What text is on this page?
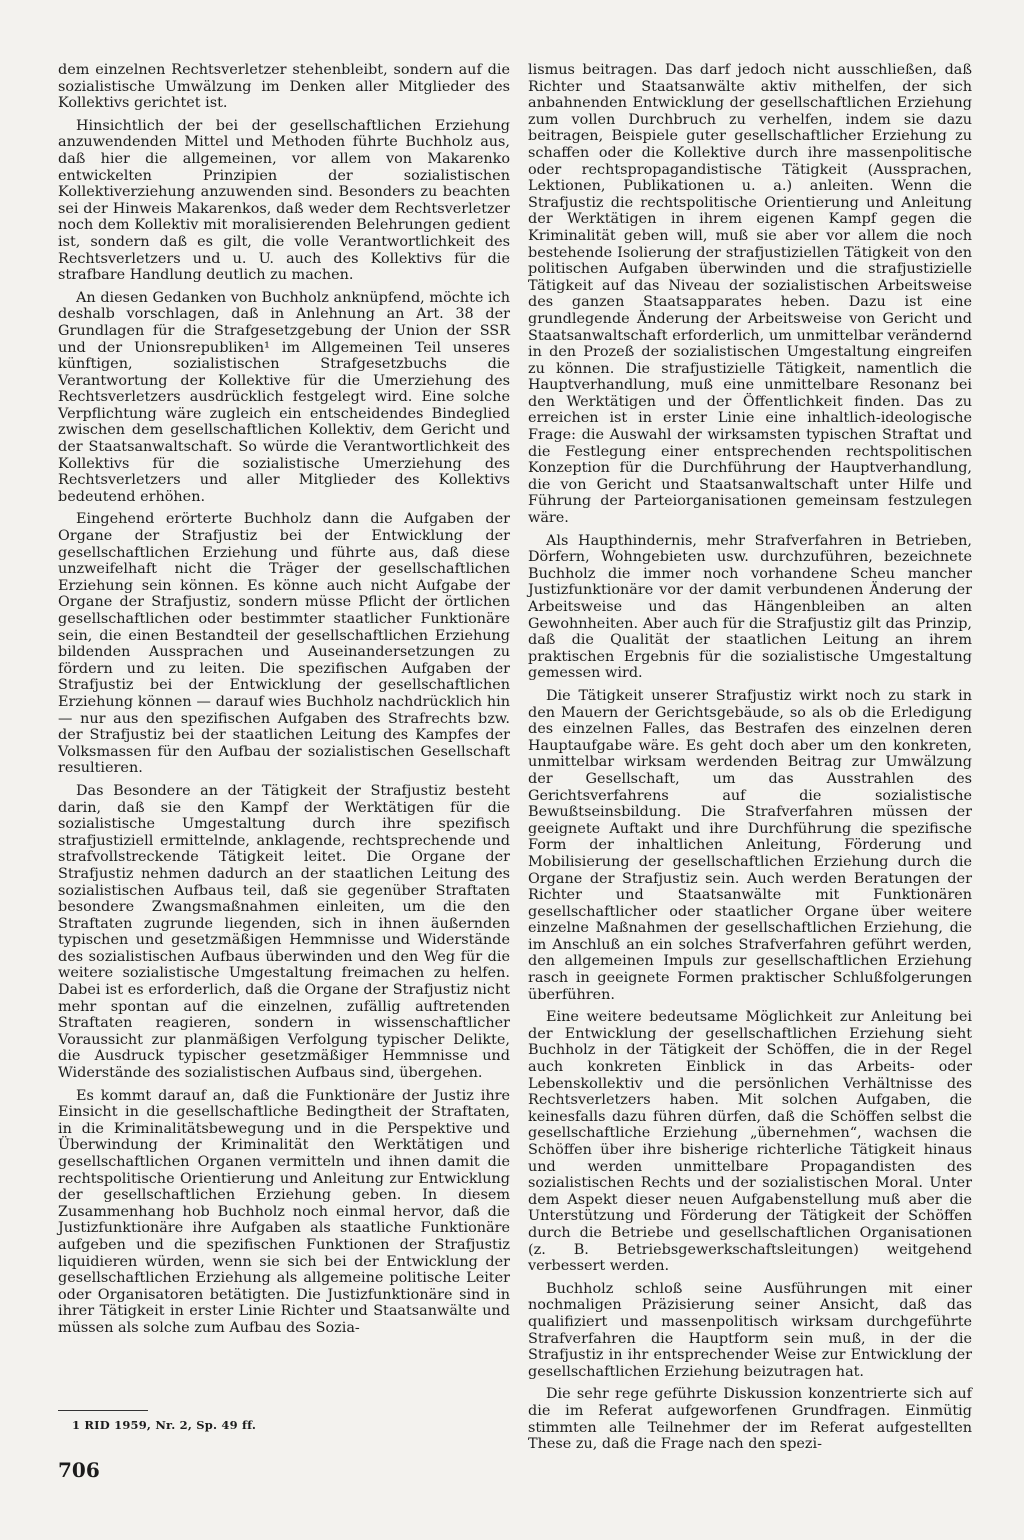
dem einzelnen Rechtsverletzer stehenbleibt, sondern auf die sozialistische Umwälzung im Denken aller Mitglieder des Kollektivs gerichtet ist.

Hinsichtlich der bei der gesellschaftlichen Erziehung anzuwendenden Mittel und Methoden führte Buchholz aus, daß hier die allgemeinen, vor allem von Makarenko entwickelten Prinzipien der sozialistischen Kollektiverziehung anzuwenden sind. Besonders zu beachten sei der Hinweis Makarenkos, daß weder dem Rechtsverletzer noch dem Kollektiv mit moralisierenden Belehrungen gedient ist, sondern daß es gilt, die volle Verantwortlichkeit des Rechtsverletzers und u. U. auch des Kollektivs für die strafbare Handlung deutlich zu machen.

An diesen Gedanken von Buchholz anknüpfend, möchte ich deshalb vorschlagen, daß in Anlehnung an Art. 38 der Grundlagen für die Strafgesetzgebung der Union der SSR und der Unionsrepubliken¹ im Allgemeinen Teil unseres künftigen, sozialistischen Strafgesetzbuchs die Verantwortung der Kollektive für die Umerziehung des Rechtsverletzers ausdrücklich festgelegt wird. Eine solche Verpflichtung wäre zugleich ein entscheidendes Bindeglied zwischen dem gesellschaftlichen Kollektiv, dem Gericht und der Staatsanwaltschaft. So würde die Verantwortlichkeit des Kollektivs für die sozialistische Umerziehung des Rechtsverletzers und aller Mitglieder des Kollektivs bedeutend erhöhen.

Eingehend erörterte Buchholz dann die Aufgaben der Organe der Strafjustiz bei der Entwicklung der gesellschaftlichen Erziehung und führte aus, daß diese unzweifelhaft nicht die Träger der gesellschaftlichen Erziehung sein können. Es könne auch nicht Aufgabe der Organe der Strafjustiz, sondern müsse Pflicht der örtlichen gesellschaftlichen oder bestimmter staatlicher Funktionäre sein, die einen Bestandteil der gesellschaftlichen Erziehung bildenden Aussprachen und Auseinandersetzungen zu fördern und zu leiten. Die spezifischen Aufgaben der Strafjustiz bei der Entwicklung der gesellschaftlichen Erziehung können — darauf wies Buchholz nachdrücklich hin — nur aus den spezifischen Aufgaben des Strafrechts bzw. der Strafjustiz bei der staatlichen Leitung des Kampfes der Volksmassen für den Aufbau der sozialistischen Gesellschaft resultieren.

Das Besondere an der Tätigkeit der Strafjustiz besteht darin, daß sie den Kampf der Werktätigen für die sozialistische Umgestaltung durch ihre spezifisch strafjustiziell ermittelnde, anklagende, rechtsprechende und strafvollstreckende Tätigkeit leitet. Die Organe der Strafjustiz nehmen dadurch an der staatlichen Leitung des sozialistischen Aufbaus teil, daß sie gegenüber Straftaten besondere Zwangsmaßnahmen einleiten, um die den Straftaten zugrunde liegenden, sich in ihnen äußernden typischen und gesetzmäßigen Hemmnisse und Widerstände des sozialistischen Aufbaus überwinden und den Weg für die weitere sozialistische Umgestaltung freimachen zu helfen. Dabei ist es erforderlich, daß die Organe der Strafjustiz nicht mehr spontan auf die einzelnen, zufällig auftretenden Straftaten reagieren, sondern in wissenschaftlicher Voraussicht zur planmäßigen Verfolgung typischer Delikte, die Ausdruck typischer gesetzmäßiger Hemmnisse und Widerstände des sozialistischen Aufbaus sind, übergehen.

Es kommt darauf an, daß die Funktionäre der Justiz ihre Einsicht in die gesellschaftliche Bedingtheit der Straftaten, in die Kriminalitätsbewegung und in die Perspektive und Überwindung der Kriminalität den Werktätigen und gesellschaftlichen Organen vermitteln und ihnen damit die rechtspolitische Orientierung und Anleitung zur Entwicklung der gesellschaftlichen Erziehung geben. In diesem Zusammenhang hob Buchholz noch einmal hervor, daß die Justizfunktionäre ihre Aufgaben als staatliche Funktionäre aufgeben und die spezifischen Funktionen der Strafjustiz liquidieren würden, wenn sie sich bei der Entwicklung der gesellschaftlichen Erziehung als allgemeine politische Leiter oder Organisatoren betätigten. Die Justizfunktionäre sind in ihrer Tätigkeit in erster Linie Richter und Staatsanwälte und müssen als solche zum Aufbau des Sozia-

lismus beitragen. Das darf jedoch nicht ausschließen, daß Richter und Staatsanwälte aktiv mithelfen, der sich anbahnenden Entwicklung der gesellschaftlichen Erziehung zum vollen Durchbruch zu verhelfen, indem sie dazu beitragen, Beispiele guter gesellschaftlicher Erziehung zu schaffen oder die Kollektive durch ihre massenpolitische oder rechtspropagandistische Tätigkeit (Aussprachen, Lektionen, Publikationen u. a.) anleiten. Wenn die Strafjustiz die rechtspolitische Orientierung und Anleitung der Werktätigen in ihrem eigenen Kampf gegen die Kriminalität geben will, muß sie aber vor allem die noch bestehende Isolierung der strafjustiziellen Tätigkeit von den politischen Aufgaben überwinden und die strafjustizielle Tätigkeit auf das Niveau der sozialistischen Arbeitsweise des ganzen Staatsapparates heben. Dazu ist eine grundlegende Änderung der Arbeitsweise von Gericht und Staatsanwaltschaft erforderlich, um unmittelbar verändernd in den Prozeß der sozialistischen Umgestaltung eingreifen zu können. Die strafjustizielle Tätigkeit, namentlich die Hauptverhandlung, muß eine unmittelbare Resonanz bei den Werktätigen und der Öffentlichkeit finden. Das zu erreichen ist in erster Linie eine inhaltlich-ideologische Frage: die Auswahl der wirksamsten typischen Straftat und die Festlegung einer entsprechenden rechtspolitischen Konzeption für die Durchführung der Hauptverhandlung, die von Gericht und Staatsanwaltschaft unter Hilfe und Führung der Parteiorganisationen gemeinsam festzulegen wäre.

Als Haupthindernis, mehr Strafverfahren in Betrieben, Dörfern, Wohngebieten usw. durchzuführen, bezeichnete Buchholz die immer noch vorhandene Scheu mancher Justizfunktionäre vor der damit verbundenen Änderung der Arbeitsweise und das Hängenbleiben an alten Gewohnheiten. Aber auch für die Strafjustiz gilt das Prinzip, daß die Qualität der staatlichen Leitung an ihrem praktischen Ergebnis für die sozialistische Umgestaltung gemessen wird.

Die Tätigkeit unserer Strafjustiz wirkt noch zu stark in den Mauern der Gerichtsgebäude, so als ob die Erledigung des einzelnen Falles, das Bestrafen des einzelnen deren Hauptaufgabe wäre. Es geht doch aber um den konkreten, unmittelbar wirksam werdenden Beitrag zur Umwälzung der Gesellschaft, um das Ausstrahlen des Gerichtsverfahrens auf die sozialistische Bewußtseinsbildung. Die Strafverfahren müssen der geeignete Auftakt und ihre Durchführung die spezifische Form der inhaltlichen Anleitung, Förderung und Mobilisierung der gesellschaftlichen Erziehung durch die Organe der Strafjustiz sein. Auch werden Beratungen der Richter und Staatsanwälte mit Funktionären gesellschaftlicher oder staatlicher Organe über weitere einzelne Maßnahmen der gesellschaftlichen Erziehung, die im Anschluß an ein solches Strafverfahren geführt werden, den allgemeinen Impuls zur gesellschaftlichen Erziehung rasch in geeignete Formen praktischer Schlußfolgerungen überführen.

Eine weitere bedeutsame Möglichkeit zur Anleitung bei der Entwicklung der gesellschaftlichen Erziehung sieht Buchholz in der Tätigkeit der Schöffen, die in der Regel auch konkreten Einblick in das Arbeits- oder Lebenskollektiv und die persönlichen Verhältnisse des Rechtsverletzers haben. Mit solchen Aufgaben, die keinesfalls dazu führen dürfen, daß die Schöffen selbst die gesellschaftliche Erziehung „übernehmen“, wachsen die Schöffen über ihre bisherige richterliche Tätigkeit hinaus und werden unmittelbare Propagandisten des sozialistischen Rechts und der sozialistischen Moral. Unter dem Aspekt dieser neuen Aufgabenstellung muß aber die Unterstützung und Förderung der Tätigkeit der Schöffen durch die Betriebe und gesellschaftlichen Organisationen (z. B. Betriebsgewerkschaftsleitungen) weitgehend verbessert werden.

Buchholz schloß seine Ausführungen mit einer nochmaligen Präzisierung seiner Ansicht, daß das qualifiziert und massenpolitisch wirksam durchgeführte Strafverfahren die Hauptform sein muß, in der die Strafjustiz in ihr entsprechender Weise zur Entwicklung der gesellschaftlichen Erziehung beizutragen hat.

Die sehr rege geführte Diskussion konzentrierte sich auf die im Referat aufgeworfenen Grundfragen. Einmütig stimmten alle Teilnehmer der im Referat aufgestellten These zu, daß die Frage nach den spezi-

1 RID 1959, Nr. 2, Sp. 49 ff.
706
